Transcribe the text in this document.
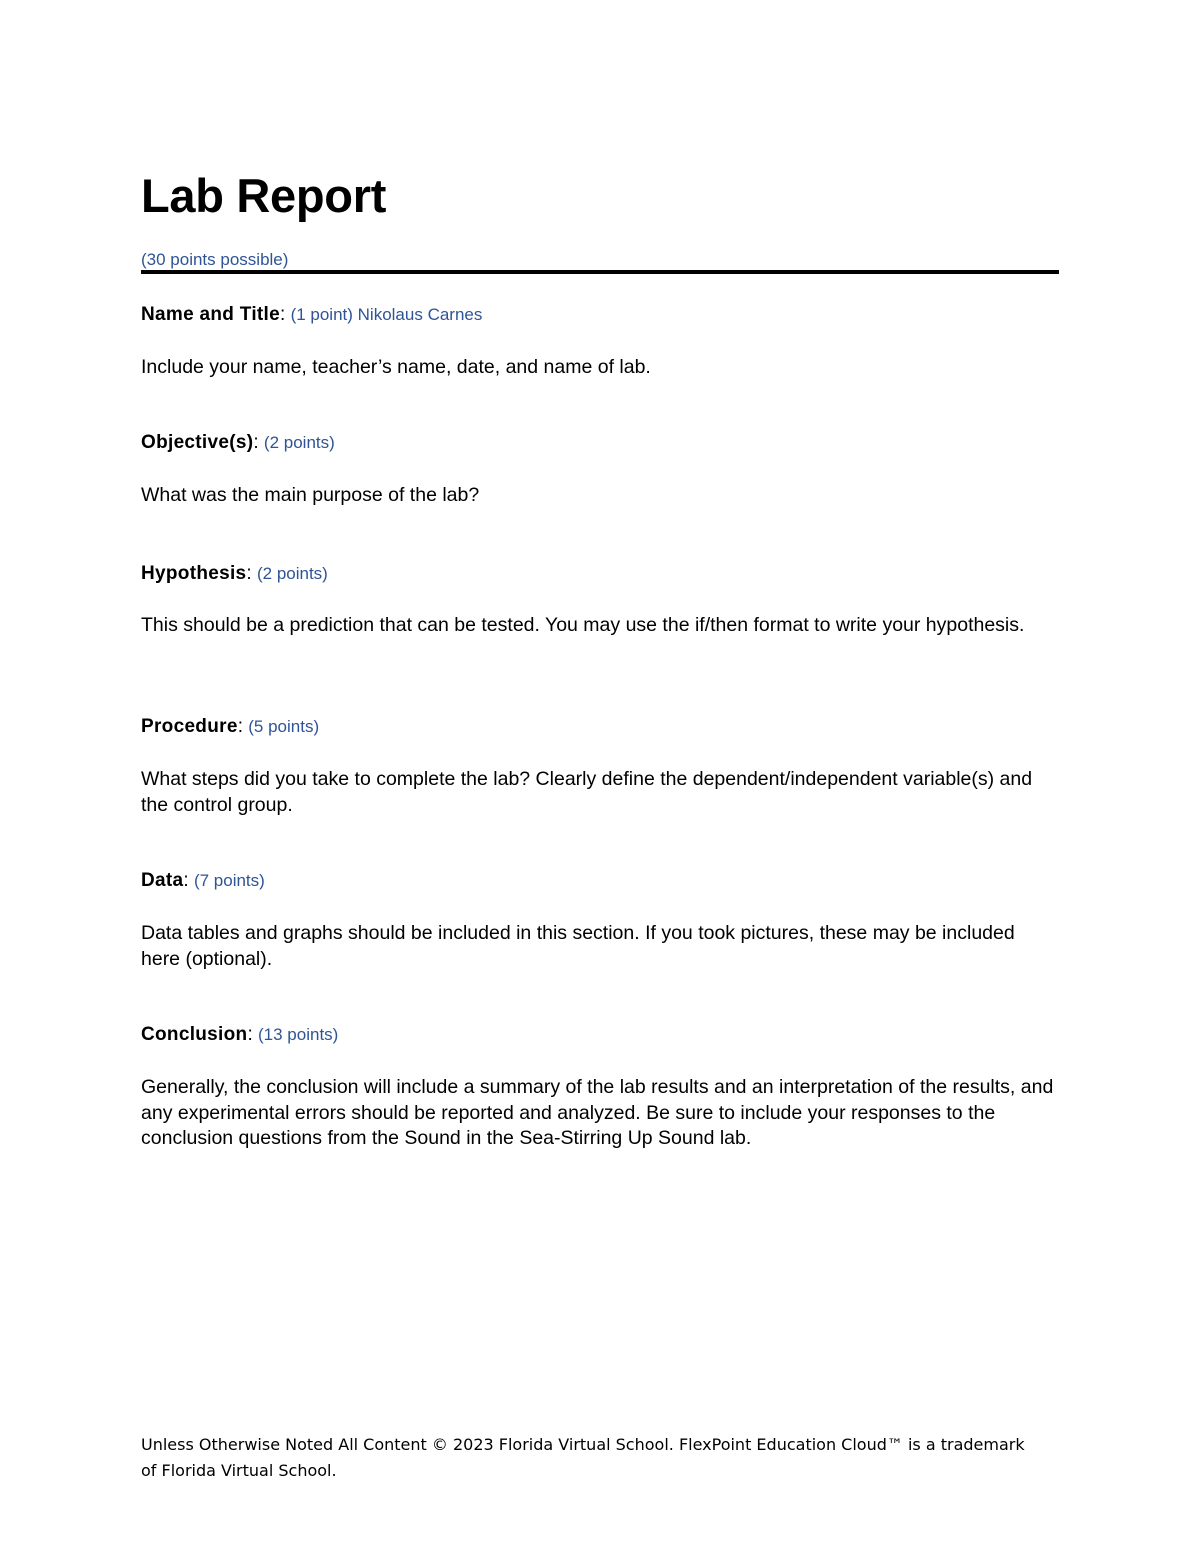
Lab Report
(30 points possible)
Name and Title: (1 point) Nikolaus Carnes
Include your name, teacher’s name, date, and name of lab.
Objective(s): (2 points)
What was the main purpose of the lab?
Hypothesis: (2 points)
This should be a prediction that can be tested. You may use the if/then format to write your hypothesis.
Procedure: (5 points)
What steps did you take to complete the lab? Clearly define the dependent/independent variable(s) and the control group.
Data: (7 points)
Data tables and graphs should be included in this section. If you took pictures, these may be included here (optional).
Conclusion: (13 points)
Generally, the conclusion will include a summary of the lab results and an interpretation of the results, and any experimental errors should be reported and analyzed. Be sure to include your responses to the conclusion questions from the Sound in the Sea-Stirring Up Sound lab.
Unless Otherwise Noted All Content © 2023 Florida Virtual School. FlexPoint Education Cloud™ is a trademark of Florida Virtual School.
